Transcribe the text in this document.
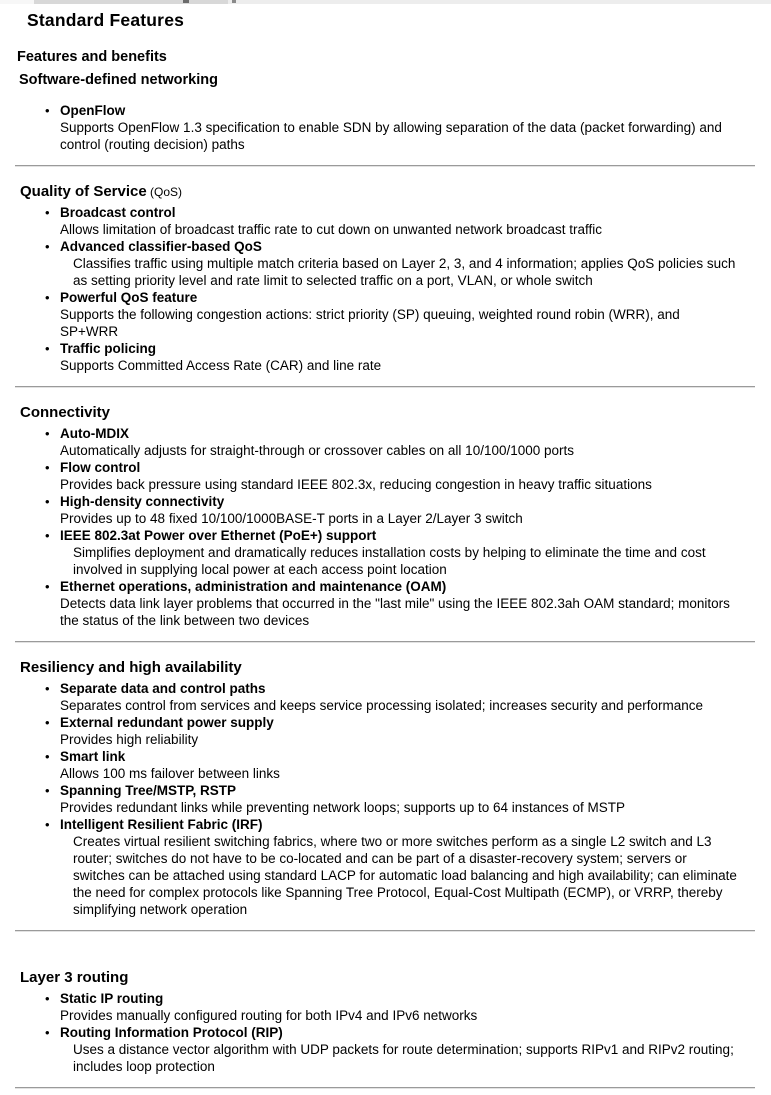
Standard Features
Features and benefits
Software-defined networking
• OpenFlow
Supports OpenFlow 1.3 specification to enable SDN by allowing separation of the data (packet forwarding) and control (routing decision) paths
Quality of Service (QoS)
• Broadcast control
Allows limitation of broadcast traffic rate to cut down on unwanted network broadcast traffic
• Advanced classifier-based QoS
Classifies traffic using multiple match criteria based on Layer 2, 3, and 4 information; applies QoS policies such as setting priority level and rate limit to selected traffic on a port, VLAN, or whole switch
• Powerful QoS feature
Supports the following congestion actions: strict priority (SP) queuing, weighted round robin (WRR), and SP+WRR
• Traffic policing
Supports Committed Access Rate (CAR) and line rate
Connectivity
• Auto-MDIX
Automatically adjusts for straight-through or crossover cables on all 10/100/1000 ports
• Flow control
Provides back pressure using standard IEEE 802.3x, reducing congestion in heavy traffic situations
• High-density connectivity
Provides up to 48 fixed 10/100/1000BASE-T ports in a Layer 2/Layer 3 switch
• IEEE 802.3at Power over Ethernet (PoE+) support
Simplifies deployment and dramatically reduces installation costs by helping to eliminate the time and cost involved in supplying local power at each access point location
• Ethernet operations, administration and maintenance (OAM)
Detects data link layer problems that occurred in the "last mile" using the IEEE 802.3ah OAM standard; monitors the status of the link between two devices
Resiliency and high availability
• Separate data and control paths
Separates control from services and keeps service processing isolated; increases security and performance
• External redundant power supply
Provides high reliability
• Smart link
Allows 100 ms failover between links
• Spanning Tree/MSTP, RSTP
Provides redundant links while preventing network loops; supports up to 64 instances of MSTP
• Intelligent Resilient Fabric (IRF)
Creates virtual resilient switching fabrics, where two or more switches perform as a single L2 switch and L3 router; switches do not have to be co-located and can be part of a disaster-recovery system; servers or switches can be attached using standard LACP for automatic load balancing and high availability; can eliminate the need for complex protocols like Spanning Tree Protocol, Equal-Cost Multipath (ECMP), or VRRP, thereby simplifying network operation
Layer 3 routing
• Static IP routing
Provides manually configured routing for both IPv4 and IPv6 networks
• Routing Information Protocol (RIP)
Uses a distance vector algorithm with UDP packets for route determination; supports RIPv1 and RIPv2 routing; includes loop protection
